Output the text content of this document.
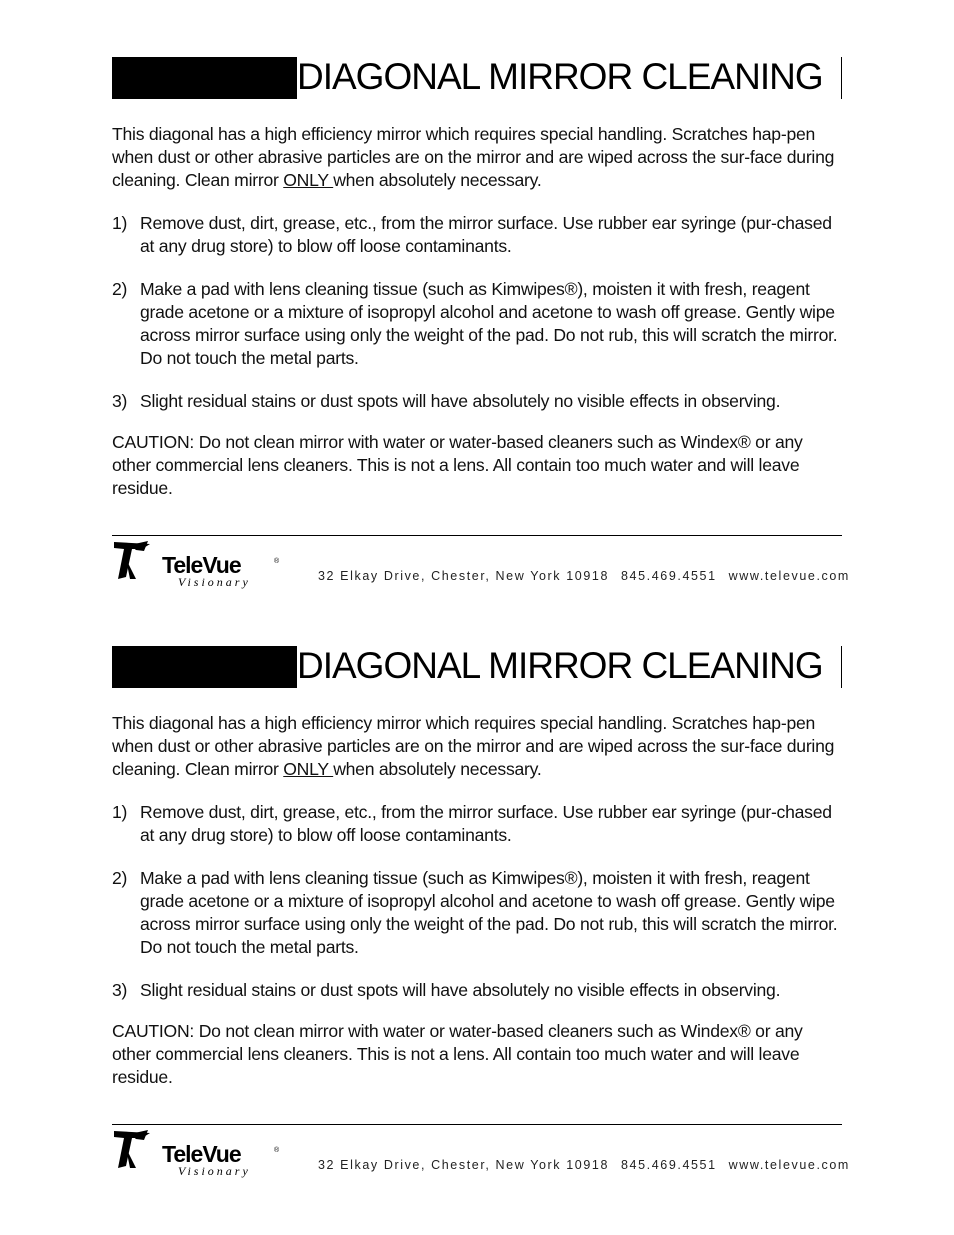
DIAGONAL MIRROR CLEANING

This diagonal has a high efficiency mirror which requires special handling. Scratches hap-pen when dust or other abrasive particles are on the mirror and are wiped across the sur-face during cleaning. Clean mirror ONLY when absolutely necessary.

1) Remove dust, dirt, grease, etc., from the mirror surface. Use rubber ear syringe (pur-chased at any drug store) to blow off loose contaminants.

2) Make a pad with lens cleaning tissue (such as Kimwipes®), moisten it with fresh, reagent grade acetone or a mixture of isopropyl alcohol and acetone to wash off grease. Gently wipe across mirror surface using only the weight of the pad. Do not rub, this will scratch the mirror. Do not touch the metal parts.

3) Slight residual stains or dust spots will have absolutely no visible effects in observing.

CAUTION: Do not clean mirror with water or water-based cleaners such as Windex® or any other commercial lens cleaners. This is not a lens. All contain too much water and will leave residue.

TeleVue	®
Visionary	32 Elkay Drive, Chester, New York 10918 845.469.4551 www.televue.com
DIAGONAL MIRROR CLEANING

This diagonal has a high efficiency mirror which requires special handling. Scratches hap-pen when dust or other abrasive particles are on the mirror and are wiped across the sur-face during cleaning. Clean mirror ONLY when absolutely necessary.

1) Remove dust, dirt, grease, etc., from the mirror surface. Use rubber ear syringe (pur-chased at any drug store) to blow off loose contaminants.

2) Make a pad with lens cleaning tissue (such as Kimwipes®), moisten it with fresh, reagent grade acetone or a mixture of isopropyl alcohol and acetone to wash off grease. Gently wipe across mirror surface using only the weight of the pad. Do not rub, this will scratch the mirror. Do not touch the metal parts.

3) Slight residual stains or dust spots will have absolutely no visible effects in observing.

CAUTION: Do not clean mirror with water or water-based cleaners such as Windex® or any other commercial lens cleaners. This is not a lens. All contain too much water and will leave residue.

TeleVue	®
Visionary	32 Elkay Drive, Chester, New York 10918 845.469.4551 www.televue.com
